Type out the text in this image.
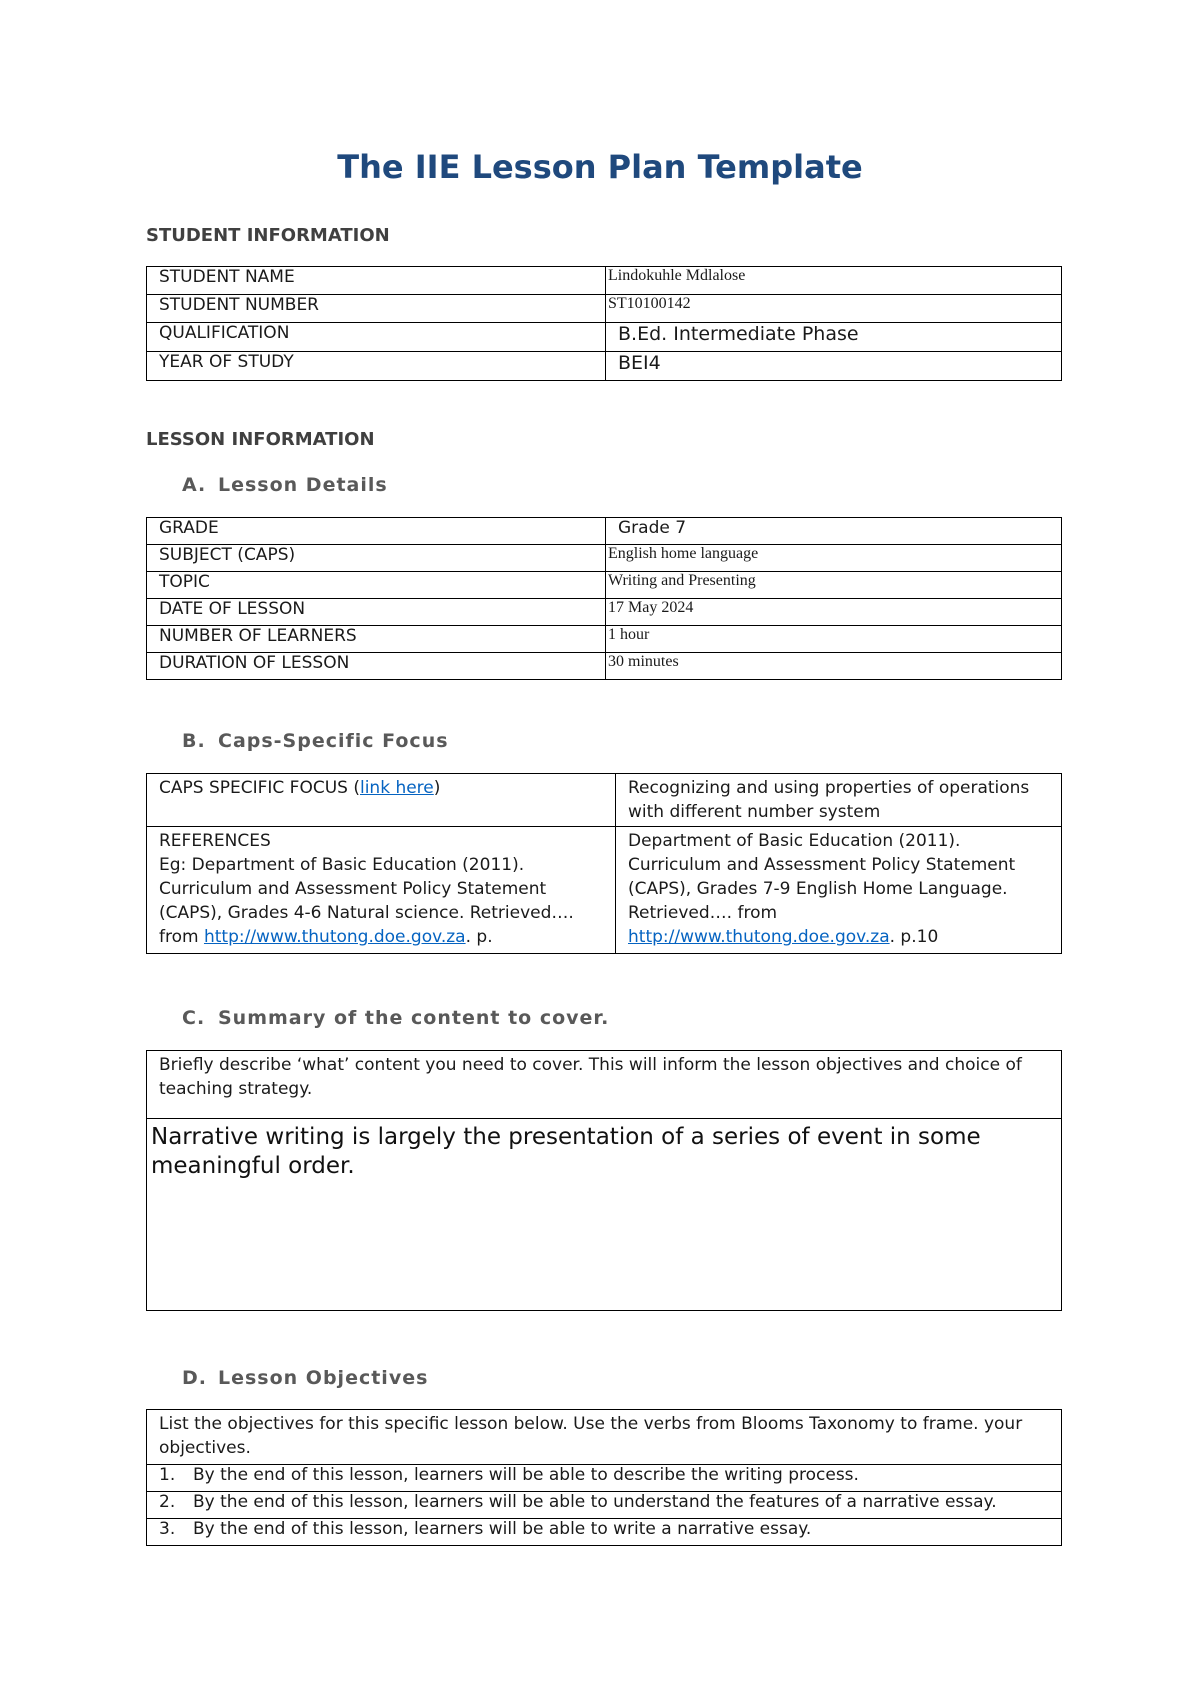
The IIE Lesson Plan Template
STUDENT INFORMATION
STUDENT NAME	Lindokuhle Mdlalose
STUDENT NUMBER	ST10100142
QUALIFICATION	B.Ed. Intermediate Phase
YEAR OF STUDY	BEI4
LESSON INFORMATION
A. Lesson Details
GRADE	Grade 7
SUBJECT (CAPS)	English home language
TOPIC	Writing and Presenting
DATE OF LESSON	17 May 2024
NUMBER OF LEARNERS	1 hour
DURATION OF LESSON	30 minutes
B. Caps-Specific Focus
CAPS SPECIFIC FOCUS (link here)	Recognizing and using properties of operations with different number system

REFERENCES
Eg: Department of Basic Education (2011). Curriculum and Assessment Policy Statement (CAPS), Grades 4-6 Natural science. Retrieved…. from http://www.thutong.doe.gov.za. p.	Department of Basic Education (2011). Curriculum and Assessment Policy Statement (CAPS), Grades 7-9 English Home Language. Retrieved…. from http://www.thutong.doe.gov.za. p.10
C. Summary of the content to cover.
Briefly describe ‘what’ content you need to cover. This will inform the lesson objectives and choice of teaching strategy.
Narrative writing is largely the presentation of a series of event in some meaningful order.
D. Lesson Objectives
List the objectives for this specific lesson below. Use the verbs from Blooms Taxonomy to frame. your objectives.
1. By the end of this lesson, learners will be able to describe the writing process.
2. By the end of this lesson, learners will be able to understand the features of a narrative essay.
3. By the end of this lesson, learners will be able to write a narrative essay.
